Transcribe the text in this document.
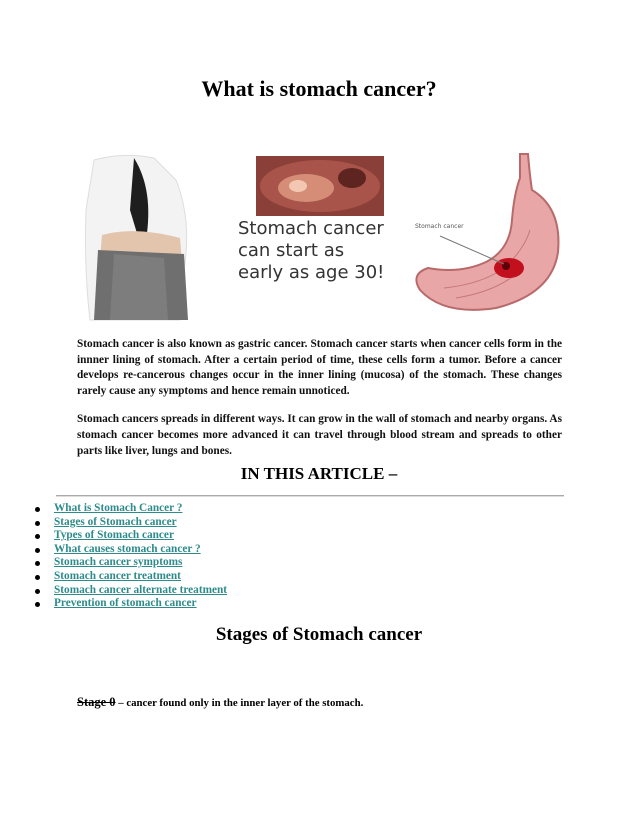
What is stomach cancer?
Stomach cancer
can start as
early as age 30!
Stomach cancer

Stomach cancer is also known as gastric cancer. Stomach cancer starts when cancer cells form in the innner lining of stomach. After a certain period of time, these cells form a tumor. Before a cancer develops re-cancerous changes occur in the inner lining (mucosa) of the stomach. These changes rarely cause any symptoms and hence remain unnoticed.

Stomach cancers spreads in different ways. It can grow in the wall of stomach and nearby organs. As stomach cancer becomes more advanced it can travel through blood stream and spreads to other parts like liver, lungs and bones.

IN THIS ARTICLE –
What is Stomach Cancer ?
Stages of Stomach cancer
Types of Stomach cancer
What causes stomach cancer ?
Stomach cancer symptoms
Stomach cancer treatment
Stomach cancer alternate treatment
Prevention of stomach cancer
Stages of Stomach cancer
Stage 0 – cancer found only in the inner layer of the stomach.
